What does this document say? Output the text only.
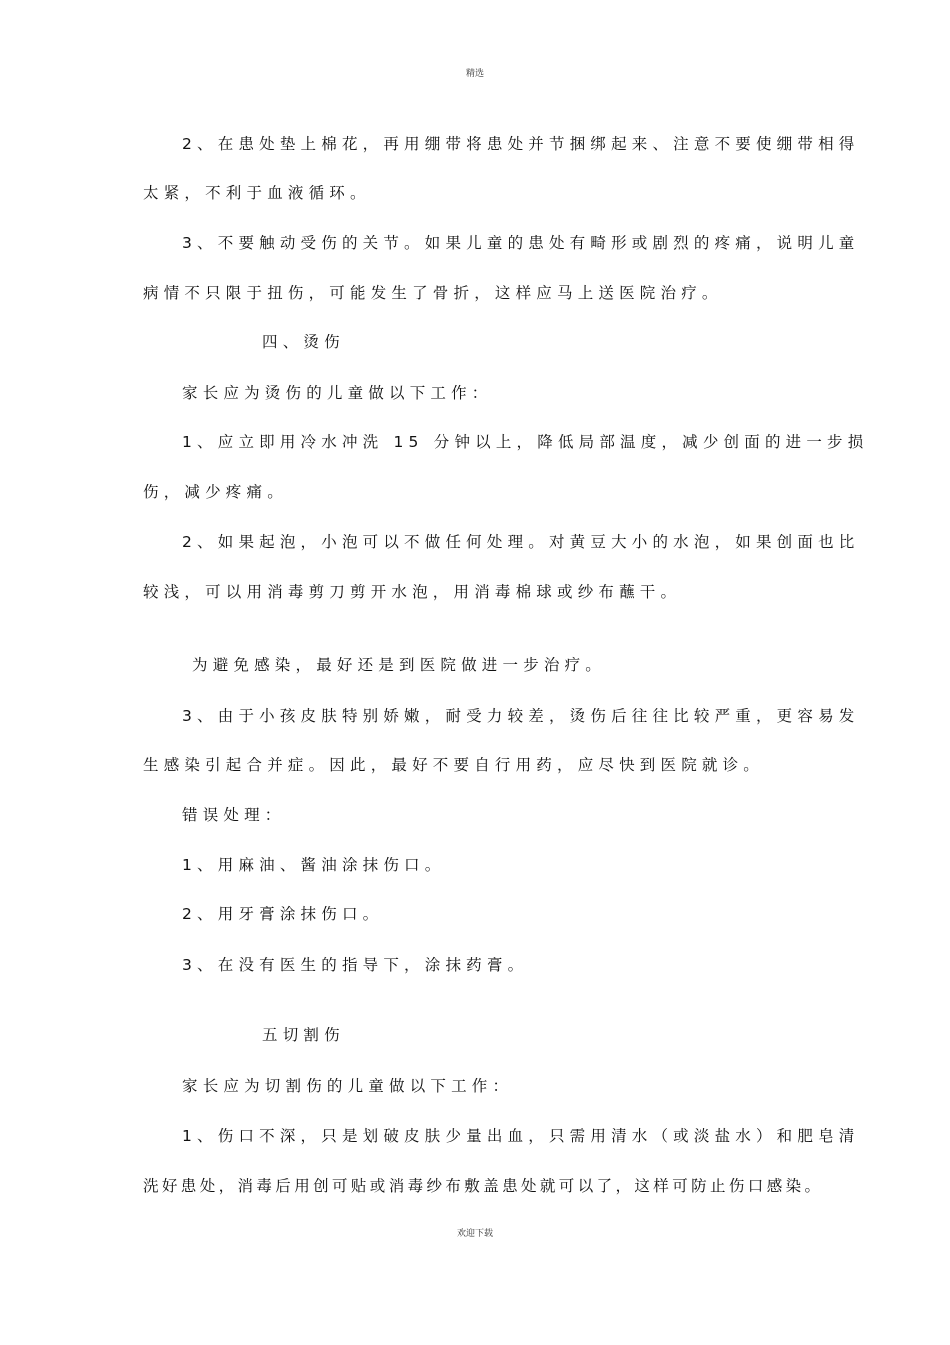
精选
2、在患处垫上棉花，再用绷带将患处并节捆绑起来、注意不要使绷带相得
太紧，不利于血液循环。
3、不要触动受伤的关节。如果儿童的患处有畸形或剧烈的疼痛，说明儿童
病情不只限于扭伤，可能发生了骨折，这样应马上送医院治疗。
四、烫伤
家长应为烫伤的儿童做以下工作：
1、应立即用冷水冲洗 15 分钟以上，降低局部温度，减少创面的进一步损
伤，减少疼痛。
2、如果起泡，小泡可以不做任何处理。对黄豆大小的水泡，如果创面也比
较浅，可以用消毒剪刀剪开水泡，用消毒棉球或纱布蘸干。
为避免感染，最好还是到医院做进一步治疗。
3、由于小孩皮肤特别娇嫩，耐受力较差，烫伤后往往比较严重，更容易发
生感染引起合并症。因此，最好不要自行用药，应尽快到医院就诊。
错误处理：
1、用麻油、酱油涂抹伤口。
2、用牙膏涂抹伤口。
3、在没有医生的指导下，涂抹药膏。
五切割伤
家长应为切割伤的儿童做以下工作：
1、伤口不深，只是划破皮肤少量出血，只需用清水（或淡盐水）和肥皂清
洗好患处，消毒后用创可贴或消毒纱布敷盖患处就可以了，这样可防止伤口感染。
欢迎下载
